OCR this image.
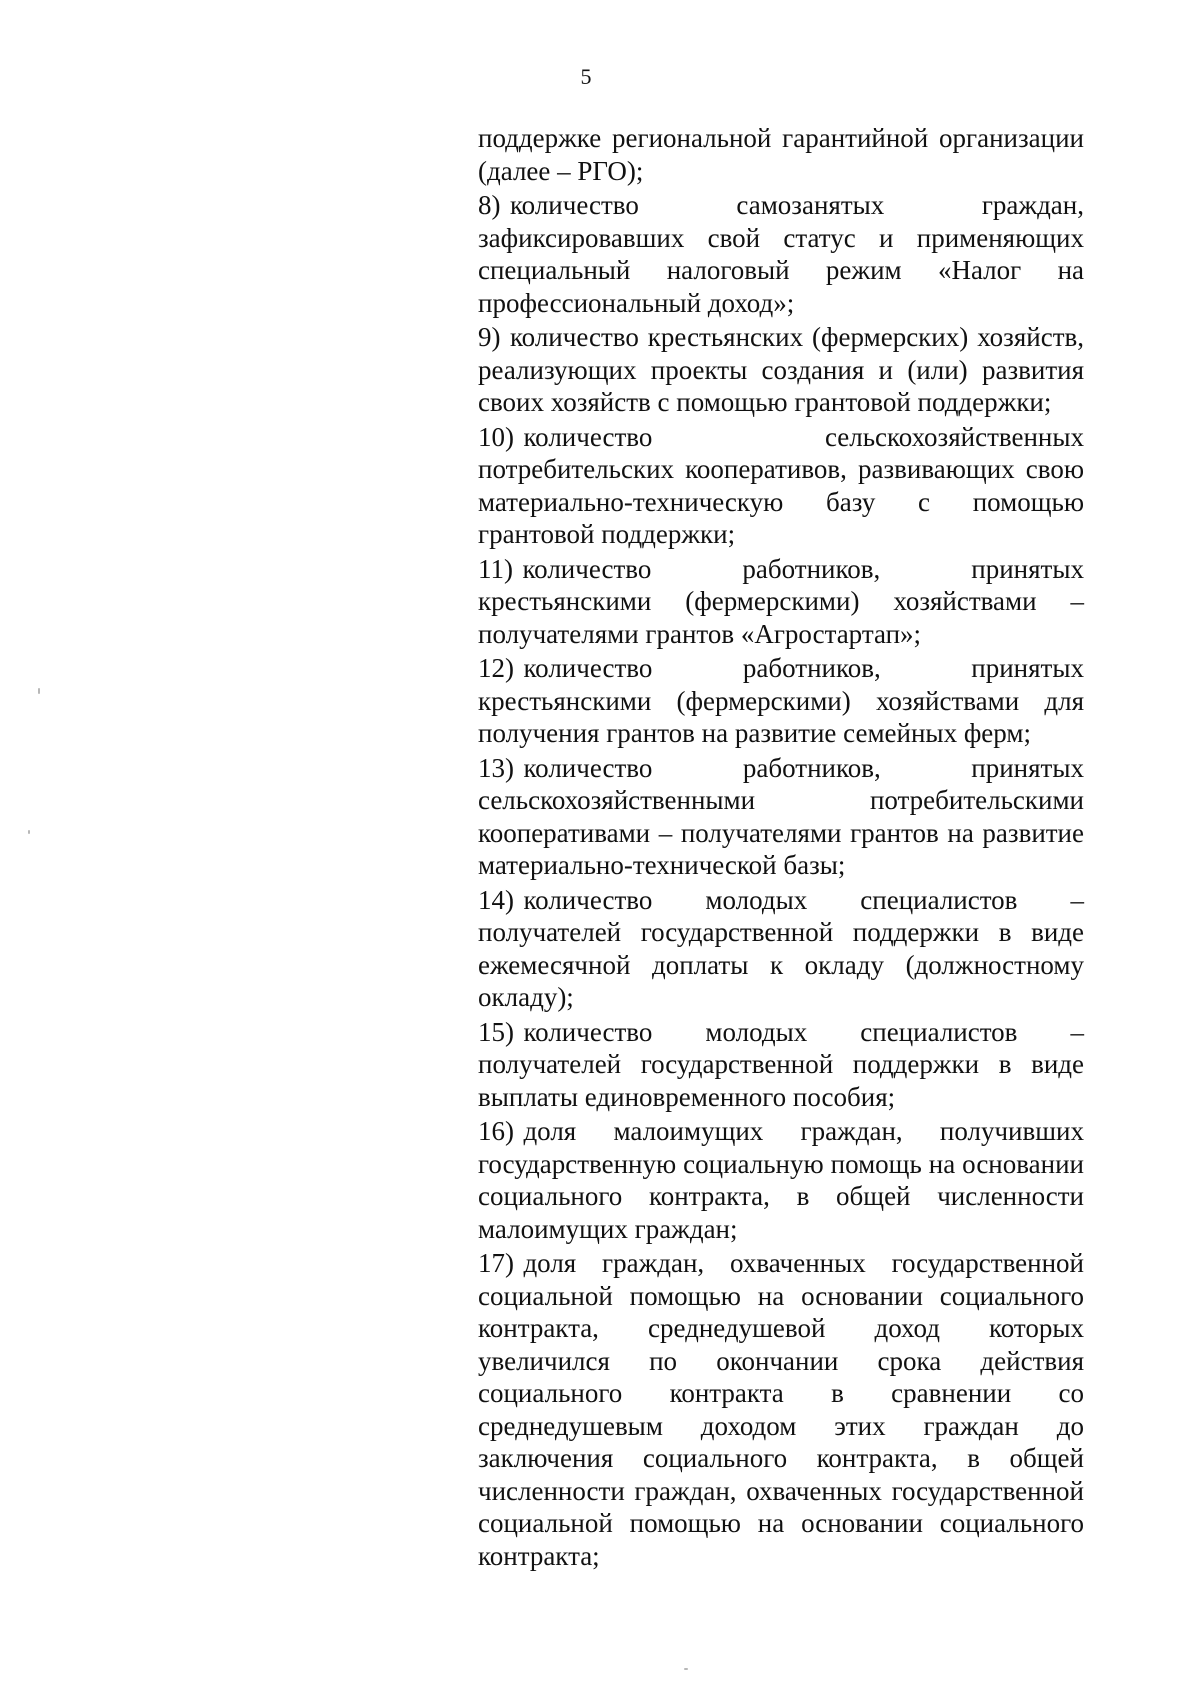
5

поддержке региональной гарантийной организации (далее – РГО);

8) количество самозанятых граждан, зафиксировавших свой статус и применяющих специальный налоговый режим «Налог на профессиональный доход»;

9) количество крестьянских (фермерских) хозяйств, реализующих проекты создания и (или) развития своих хозяйств с помощью грантовой поддержки;

10) количество сельскохозяйственных потребительских кооперативов, развивающих свою материально-техническую базу с помощью грантовой поддержки;

11) количество работников, принятых крестьянскими (фермерскими) хозяйствами – получателями грантов «Агростартап»;

12) количество работников, принятых крестьянскими (фермерскими) хозяйствами для получения грантов на развитие семейных ферм;

13) количество работников, принятых сельскохозяйственными потребительскими кооперативами – получателями грантов на развитие материально-технической базы;

14) количество молодых специалистов – получателей государственной поддержки в виде ежемесячной доплаты к окладу (должностному окладу);

15) количество молодых специалистов – получателей государственной поддержки в виде выплаты единовременного пособия;

16) доля малоимущих граждан, получивших государственную социальную помощь на основании социального контракта, в общей численности малоимущих граждан;

17) доля граждан, охваченных государственной социальной помощью на основании социального контракта, среднедушевой доход которых увеличился по окончании срока действия социального контракта в сравнении со среднедушевым доходом этих граждан до заключения социального контракта, в общей численности граждан, охваченных государственной социальной помощью на основании социального контракта;
